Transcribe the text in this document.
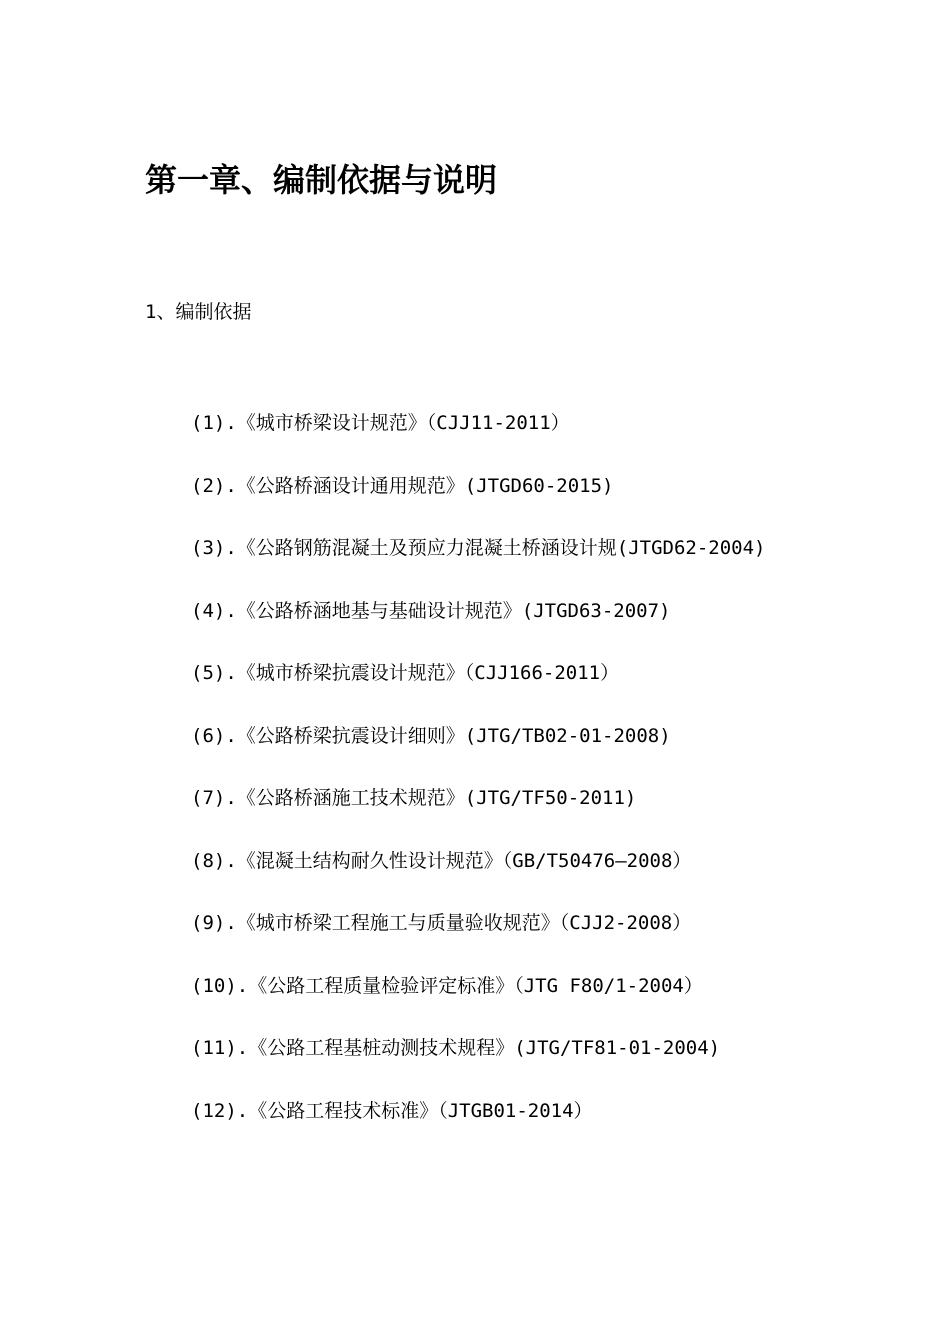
第一章、编制依据与说明
1、编制依据
(1).《城市桥梁设计规范》（CJJ11-2011）
(2).《公路桥涵设计通用规范》(JTGD60-2015)
(3).《公路钢筋混凝土及预应力混凝土桥涵设计规(JTGD62-2004)
(4).《公路桥涵地基与基础设计规范》(JTGD63-2007)
(5).《城市桥梁抗震设计规范》（CJJ166-2011）
(6).《公路桥梁抗震设计细则》(JTG/TB02-01-2008)
(7).《公路桥涵施工技术规范》(JTG/TF50-2011)
(8).《混凝土结构耐久性设计规范》（GB/T50476—2008）
(9).《城市桥梁工程施工与质量验收规范》（CJJ2-2008）
(10).《公路工程质量检验评定标准》（JTG F80/1-2004）
(11).《公路工程基桩动测技术规程》(JTG/TF81-01-2004)
(12).《公路工程技术标准》（JTGB01-2014）
